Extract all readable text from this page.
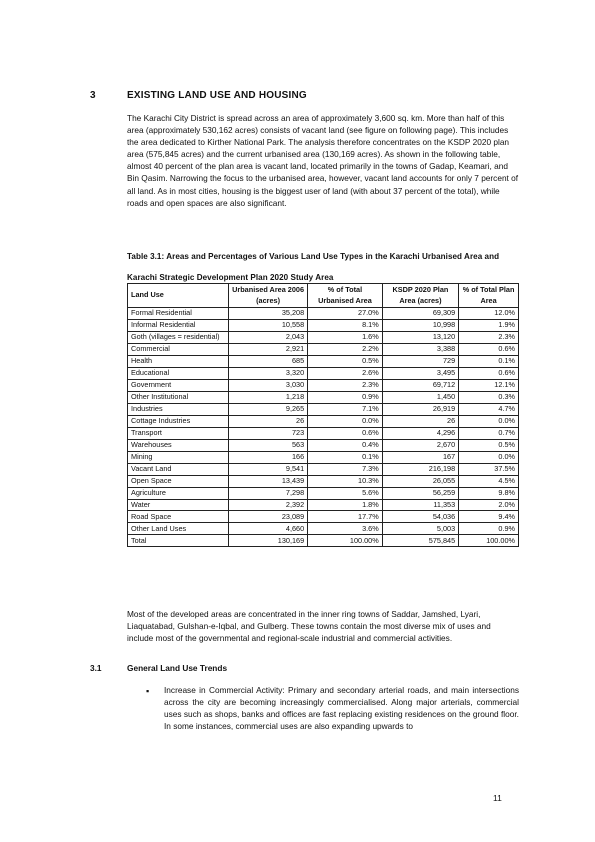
3	EXISTING LAND USE AND HOUSING

The Karachi City District is spread across an area of approximately 3,600 sq. km. More than half of this area (approximately 530,162 acres) consists of vacant land (see figure on following page). This includes the area dedicated to Kirther National Park. The analysis therefore concentrates on the KSDP 2020 plan area (575,845 acres) and the current urbanised area (130,169 acres). As shown in the following table, almost 40 percent of the plan area is vacant land, located primarily in the towns of Gadap, Keamari, and Bin Qasim. Narrowing the focus to the urbanised area, however, vacant land accounts for only 7 percent of all land. As in most cities, housing is the biggest user of land (with about 37 percent of the total), while roads and open spaces are also significant.

Table 3.1: Areas and Percentages of Various Land Use Types in the Karachi Urbanised Area and Karachi Strategic Development Plan 2020 Study Area
Land Use	Urbanised Area 2006 (acres)	% of Total Urbanised Area	KSDP 2020 Plan Area (acres)	% of Total Plan Area
Formal Residential	35,208	27.0%	69,309	12.0%
Informal Residential	10,558	8.1%	10,998	1.9%
Goth (villages = residential)	2,043	1.6%	13,120	2.3%
Commercial	2,921	2.2%	3,388	0.6%
Health	685	0.5%	729	0.1%
Educational	3,320	2.6%	3,495	0.6%
Government	3,030	2.3%	69,712	12.1%
Other Institutional	1,218	0.9%	1,450	0.3%
Industries	9,265	7.1%	26,919	4.7%
Cottage Industries	26	0.0%	26	0.0%
Transport	723	0.6%	4,296	0.7%
Warehouses	563	0.4%	2,670	0.5%
Mining	166	0.1%	167	0.0%
Vacant Land	9,541	7.3%	216,198	37.5%
Open Space	13,439	10.3%	26,055	4.5%
Agriculture	7,298	5.6%	56,259	9.8%
Water	2,392	1.8%	11,353	2.0%
Road Space	23,089	17.7%	54,036	9.4%
Other Land Uses	4,660	3.6%	5,003	0.9%
Total	130,169	100.00%	575,845	100.00%

Most of the developed areas are concentrated in the inner ring towns of Saddar, Jamshed, Lyari, Liaquatabad, Gulshan-e-Iqbal, and Gulberg. These towns contain the most diverse mix of uses and include most of the governmental and regional-scale industrial and commercial activities.

3.1	General Land Use Trends
▪ Increase in Commercial Activity: Primary and secondary arterial roads, and main intersections across the city are becoming increasingly commercialised. Along major arterials, commercial uses such as shops, banks and offices are fast replacing existing residences on the ground floor. In some instances, commercial uses are also expanding upwards to

11
